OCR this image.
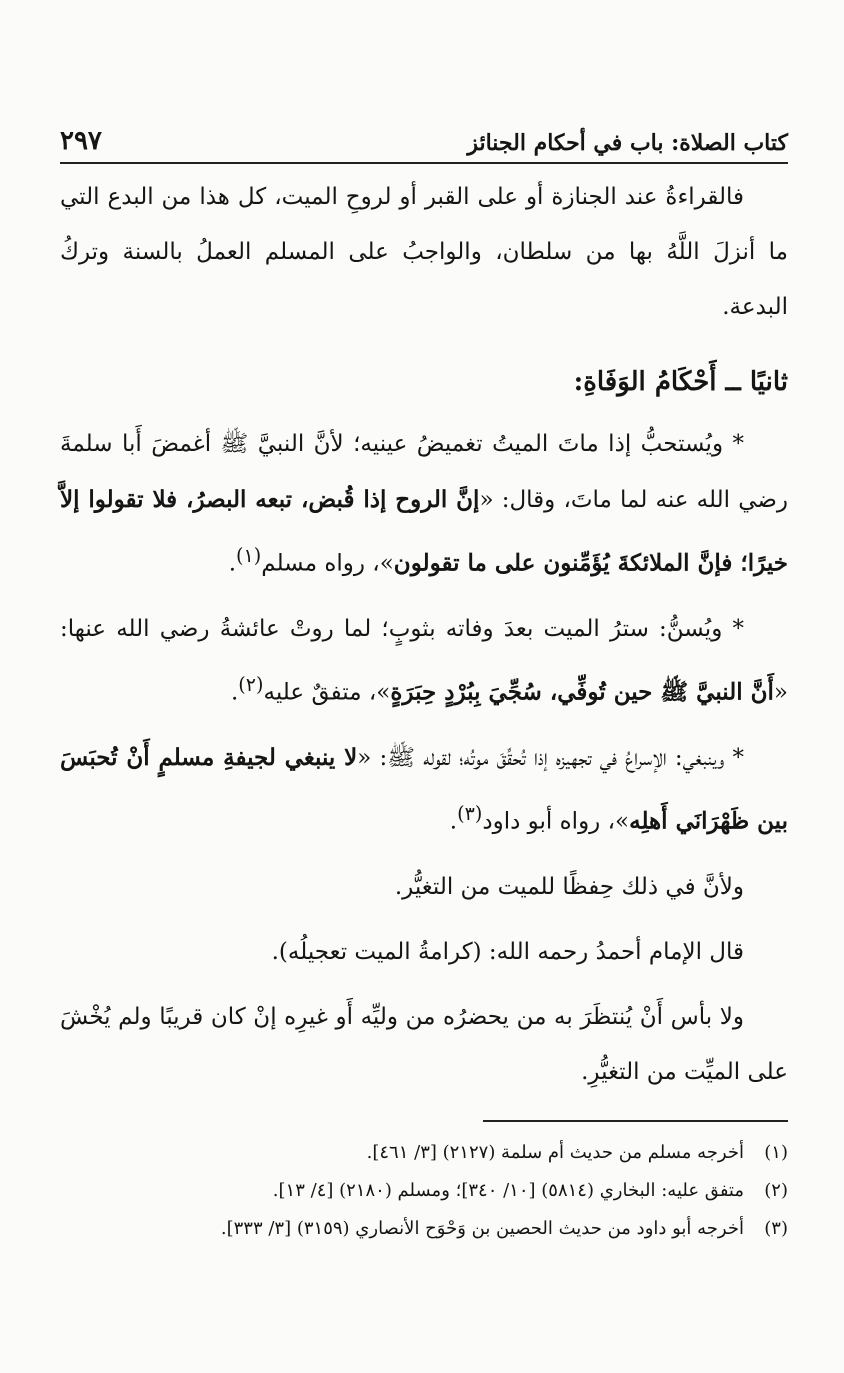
كتاب الصلاة: باب في أحكام الجنائز
٢٩٧

فالقراءةُ عند الجنازة أو على القبر أو لروحِ الميت، كل هذا من البدع التي ما أنزلَ اللَّهُ بها من سلطان، والواجبُ على المسلم العملُ بالسنة وتركُ البدعة.

ثانيًا ــ أَحْكَامُ الوَفَاةِ:

* ويُستحبُّ إذا ماتَ الميتُ تغميضُ عينيه؛ لأنَّ النبيَّ ﷺ أغمضَ أَبا سلمةَ رضي الله عنه لما ماتَ، وقال: «إنَّ الروح إذا قُبض، تبعه البصرُ، فلا تقولوا إلاَّ خيرًا؛ فإنَّ الملائكةَ يُؤَمِّنون على ما تقولون»، رواه مسلم$^{(١)}$.

* ويُسنُّ: سترُ الميت بعدَ وفاته بثوبٍ؛ لما روتْ عائشةُ رضي الله عنها: «أَنَّ النبيَّ ﷺ حين تُوفِّي، سُجِّيَ بِبُرْدٍ حِبَرَةٍ»، متفقٌ عليه$^{(٢)}$.

* وينبغي: الإسراعُ في تجهيزه إذا تُحقِّقَ موتُه؛ لقوله ﷺ: «لا ينبغي لجيفةِ مسلمٍ أَنْ تُحبَسَ بين ظَهْرَانَي أَهلِه»، رواه أبو داود$^{(٣)}$.

ولأنَّ في ذلك حِفظًا للميت من التغيُّر.

قال الإمام أحمدُ رحمه الله: (كرامةُ الميت تعجيلُه).

ولا بأس أَنْ يُنتظَرَ به من يحضرُه من وليِّه أَو غيرِه إنْ كان قريبًا ولم يُخْشَ على الميِّت من التغيُّرِ.

(١)أخرجه مسلم من حديث أم سلمة (٢١٢٧) [٣/ ٤٦١].

(٢)متفق عليه: البخاري (٥٨١٤) [١٠/ ٣٤٠]؛ ومسلم (٢١٨٠) [٤/ ١٣].

(٣)أخرجه أبو داود من حديث الحصين بن وَحْوَح الأنصاري (٣١٥٩) [٣/ ٣٣٣].
